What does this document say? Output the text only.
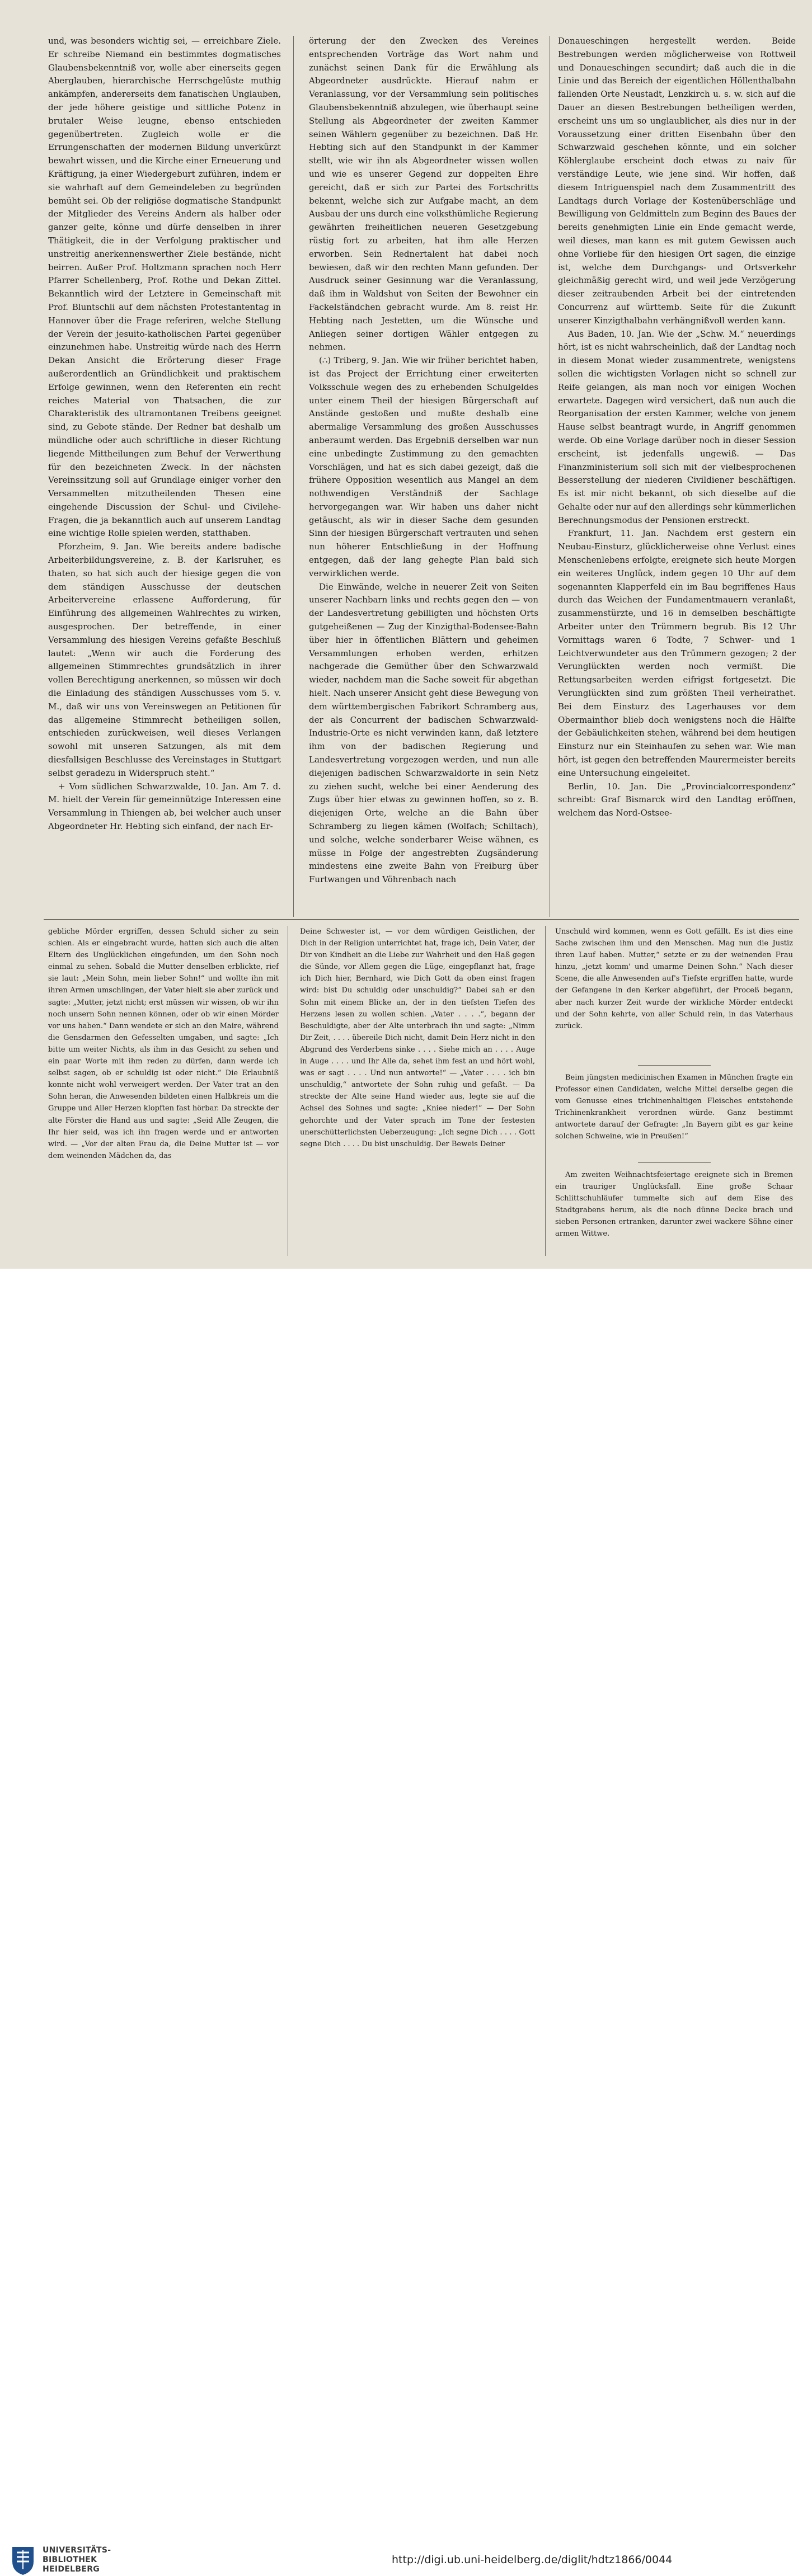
und, was besonders wichtig sei, — erreichbare Ziele. Er schreibe Niemand ein bestimmtes dogmatisches Glaubensbekenntniß vor, wolle aber einerseits gegen Aberglauben, hierarchische Herrschgelüste muthig ankämpfen, andererseits dem fanatischen Unglauben, der jede höhere geistige und sittliche Potenz in brutaler Weise leugne, ebenso entschieden gegenübertreten. Zugleich wolle er die Errungenschaften der modernen Bildung unverkürzt bewahrt wissen, und die Kirche einer Erneuerung und Kräftigung, ja einer Wiedergeburt zuführen, indem er sie wahrhaft auf dem Gemeindeleben zu begründen bemüht sei. Ob der religiöse dogmatische Standpunkt der Mitglieder des Vereins Andern als halber oder ganzer gelte, könne und dürfe denselben in ihrer Thätigkeit, die in der Verfolgung praktischer und unstreitig anerkennenswerther Ziele bestände, nicht beirren. Außer Prof. Holtzmann sprachen noch Herr Pfarrer Schellenberg, Prof. Rothe und Dekan Zittel. Bekanntlich wird der Letztere in Gemeinschaft mit Prof. Bluntschli auf dem nächsten Protestantentag in Hannover über die Frage referiren, welche Stellung der Verein der jesuito-katholischen Partei gegenüber einzunehmen habe. Unstreitig würde nach des Herrn Dekan Ansicht die Erörterung dieser Frage außerordentlich an Gründlichkeit und praktischem Erfolge gewinnen, wenn den Referenten ein recht reiches Material von Thatsachen, die zur Charakteristik des ultramontanen Treibens geeignet sind, zu Gebote stände. Der Redner bat deshalb um mündliche oder auch schriftliche in dieser Richtung liegende Mittheilungen zum Behuf der Verwerthung für den bezeichneten Zweck. In der nächsten Vereinssitzung soll auf Grundlage einiger vorher den Versammelten mitzutheilenden Thesen eine eingehende Discussion der Schul- und Civilehe-Fragen, die ja bekanntlich auch auf unserem Landtag eine wichtige Rolle spielen werden, statthaben.

Pforzheim, 9. Jan. Wie bereits andere badische Arbeiterbildungsvereine, z. B. der Karlsruher, es thaten, so hat sich auch der hiesige gegen die von dem ständigen Ausschusse der deutschen Arbeitervereine erlassene Aufforderung, für Einführung des allgemeinen Wahlrechtes zu wirken, ausgesprochen. Der betreffende, in einer Versammlung des hiesigen Vereins gefaßte Beschluß lautet: „Wenn wir auch die Forderung des allgemeinen Stimmrechtes grundsätzlich in ihrer vollen Berechtigung anerkennen, so müssen wir doch die Einladung des ständigen Ausschusses vom 5. v. M., daß wir uns von Vereinswegen an Petitionen für das allgemeine Stimmrecht betheiligen sollen, entschieden zurückweisen, weil dieses Verlangen sowohl mit unseren Satzungen, als mit dem diesfallsigen Beschlusse des Vereinstages in Stuttgart selbst geradezu in Widerspruch steht.“

+ Vom südlichen Schwarzwalde, 10. Jan. Am 7. d. M. hielt der Verein für gemeinnützige Interessen eine Versammlung in Thiengen ab, bei welcher auch unser Abgeordneter Hr. Hebting sich einfand, der nach Er-

örterung der den Zwecken des Vereines entsprechenden Vorträge das Wort nahm und zunächst seinen Dank für die Erwählung als Abgeordneter ausdrückte. Hierauf nahm er Veranlassung, vor der Versammlung sein politisches Glaubensbekenntniß abzulegen, wie überhaupt seine Stellung als Abgeordneter der zweiten Kammer seinen Wählern gegenüber zu bezeichnen. Daß Hr. Hebting sich auf den Standpunkt in der Kammer stellt, wie wir ihn als Abgeordneter wissen wollen und wie es unserer Gegend zur doppelten Ehre gereicht, daß er sich zur Partei des Fortschritts bekennt, welche sich zur Aufgabe macht, an dem Ausbau der uns durch eine volksthümliche Regierung gewährten freiheitlichen neueren Gesetzgebung rüstig fort zu arbeiten, hat ihm alle Herzen erworben. Sein Rednertalent hat dabei noch bewiesen, daß wir den rechten Mann gefunden. Der Ausdruck seiner Gesinnung war die Veranlassung, daß ihm in Waldshut von Seiten der Bewohner ein Fackelständchen gebracht wurde. Am 8. reist Hr. Hebting nach Jestetten, um die Wünsche und Anliegen seiner dortigen Wähler entgegen zu nehmen.

(∴) Triberg, 9. Jan. Wie wir früher berichtet haben, ist das Project der Errichtung einer erweiterten Volksschule wegen des zu erhebenden Schulgeldes unter einem Theil der hiesigen Bürgerschaft auf Anstände gestoßen und mußte deshalb eine abermalige Versammlung des großen Ausschusses anberaumt werden. Das Ergebniß derselben war nun eine unbedingte Zustimmung zu den gemachten Vorschlägen, und hat es sich dabei gezeigt, daß die frühere Opposition wesentlich aus Mangel an dem nothwendigen Verständniß der Sachlage hervorgegangen war. Wir haben uns daher nicht getäuscht, als wir in dieser Sache dem gesunden Sinn der hiesigen Bürgerschaft vertrauten und sehen nun höherer Entschließung in der Hoffnung entgegen, daß der lang gehegte Plan bald sich verwirklichen werde.

Die Einwände, welche in neuerer Zeit von Seiten unserer Nachbarn links und rechts gegen den — von der Landesvertretung gebilligten und höchsten Orts gutgeheißenen — Zug der Kinzigthal-Bodensee-Bahn über hier in öffentlichen Blättern und geheimen Versammlungen erhoben werden, erhitzen nachgerade die Gemüther über den Schwarzwald wieder, nachdem man die Sache soweit für abgethan hielt. Nach unserer Ansicht geht diese Bewegung von dem württembergischen Fabrikort Schramberg aus, der als Concurrent der badischen Schwarzwald-Industrie-Orte es nicht verwinden kann, daß letztere ihm von der badischen Regierung und Landesvertretung vorgezogen werden, und nun alle diejenigen badischen Schwarzwaldorte in sein Netz zu ziehen sucht, welche bei einer Aenderung des Zugs über hier etwas zu gewinnen hoffen, so z. B. diejenigen Orte, welche an die Bahn über Schramberg zu liegen kämen (Wolfach; Schiltach), und solche, welche sonderbarer Weise wähnen, es müsse in Folge der angestrebten Zugsänderung mindestens eine zweite Bahn von Freiburg über Furtwangen und Vöhrenbach nach

Donaueschingen hergestellt werden. Beide Bestrebungen werden möglicherweise von Rottweil und Donaueschingen secundirt; daß auch die in die Linie und das Bereich der eigentlichen Höllenthalbahn fallenden Orte Neustadt, Lenzkirch u. s. w. sich auf die Dauer an diesen Bestrebungen betheiligen werden, erscheint uns um so unglaublicher, als dies nur in der Voraussetzung einer dritten Eisenbahn über den Schwarzwald geschehen könnte, und ein solcher Köhlerglaube erscheint doch etwas zu naiv für verständige Leute, wie jene sind. Wir hoffen, daß diesem Intriguenspiel nach dem Zusammentritt des Landtags durch Vorlage der Kostenüberschläge und Bewilligung von Geldmitteln zum Beginn des Baues der bereits genehmigten Linie ein Ende gemacht werde, weil dieses, man kann es mit gutem Gewissen auch ohne Vorliebe für den hiesigen Ort sagen, die einzige ist, welche dem Durchgangs- und Ortsverkehr gleichmäßig gerecht wird, und weil jede Verzögerung dieser zeitraubenden Arbeit bei der eintretenden Concurrenz auf württemb. Seite für die Zukunft unserer Kinzigthalbahn verhängnißvoll werden kann.

Aus Baden, 10. Jan. Wie der „Schw. M.“ neuerdings hört, ist es nicht wahrscheinlich, daß der Landtag noch in diesem Monat wieder zusammentrete, wenigstens sollen die wichtigsten Vorlagen nicht so schnell zur Reife gelangen, als man noch vor einigen Wochen erwartete. Dagegen wird versichert, daß nun auch die Reorganisation der ersten Kammer, welche von jenem Hause selbst beantragt wurde, in Angriff genommen werde. Ob eine Vorlage darüber noch in dieser Session erscheint, ist jedenfalls ungewiß. — Das Finanzministerium soll sich mit der vielbesprochenen Besserstellung der niederen Civildiener beschäftigen. Es ist mir nicht bekannt, ob sich dieselbe auf die Gehalte oder nur auf den allerdings sehr kümmerlichen Berechnungsmodus der Pensionen erstreckt.

Frankfurt, 11. Jan. Nachdem erst gestern ein Neubau-Einsturz, glücklicherweise ohne Verlust eines Menschenlebens erfolgte, ereignete sich heute Morgen ein weiteres Unglück, indem gegen 10 Uhr auf dem sogenannten Klapperfeld ein im Bau begriffenes Haus durch das Weichen der Fundamentmauern veranlaßt, zusammenstürzte, und 16 in demselben beschäftigte Arbeiter unter den Trümmern begrub. Bis 12 Uhr Vormittags waren 6 Todte, 7 Schwer- und 1 Leichtverwundeter aus den Trümmern gezogen; 2 der Verunglückten werden noch vermißt. Die Rettungsarbeiten werden eifrigst fortgesetzt. Die Verunglückten sind zum größten Theil verheirathet. Bei dem Einsturz des Lagerhauses vor dem Obermainthor blieb doch wenigstens noch die Hälfte der Gebäulichkeiten stehen, während bei dem heutigen Einsturz nur ein Steinhaufen zu sehen war. Wie man hört, ist gegen den betreffenden Maurermeister bereits eine Untersuchung eingeleitet.

Berlin, 10. Jan. Die „Provincialcorrespondenz“ schreibt: Graf Bismarck wird den Landtag eröffnen, welchem das Nord-Ostsee-

gebliche Mörder ergriffen, dessen Schuld sicher zu sein schien. Als er eingebracht wurde, hatten sich auch die alten Eltern des Unglücklichen eingefunden, um den Sohn noch einmal zu sehen. Sobald die Mutter denselben erblickte, rief sie laut: „Mein Sohn, mein lieber Sohn!“ und wollte ihn mit ihren Armen umschlingen, der Vater hielt sie aber zurück und sagte: „Mutter, jetzt nicht; erst müssen wir wissen, ob wir ihn noch unsern Sohn nennen können, oder ob wir einen Mörder vor uns haben.“ Dann wendete er sich an den Maire, während die Gensdarmen den Gefesselten umgaben, und sagte: „Ich bitte um weiter Nichts, als ihm in das Gesicht zu sehen und ein paar Worte mit ihm reden zu dürfen, dann werde ich selbst sagen, ob er schuldig ist oder nicht.“ Die Erlaubniß konnte nicht wohl verweigert werden. Der Vater trat an den Sohn heran, die Anwesenden bildeten einen Halbkreis um die Gruppe und Aller Herzen klopften fast hörbar. Da streckte der alte Förster die Hand aus und sagte: „Seid Alle Zeugen, die Ihr hier seid, was ich ihn fragen werde und er antworten wird. — „Vor der alten Frau da, die Deine Mutter ist — vor dem weinenden Mädchen da, das

Deine Schwester ist, — vor dem würdigen Geistlichen, der Dich in der Religion unterrichtet hat, frage ich, Dein Vater, der Dir von Kindheit an die Liebe zur Wahrheit und den Haß gegen die Sünde, vor Allem gegen die Lüge, eingepflanzt hat, frage ich Dich hier, Bernhard, wie Dich Gott da oben einst fragen wird: bist Du schuldig oder unschuldig?“ Dabei sah er den Sohn mit einem Blicke an, der in den tiefsten Tiefen des Herzens lesen zu wollen schien. „Vater . . . .“, begann der Beschuldigte, aber der Alte unterbrach ihn und sagte: „Nimm Dir Zeit, . . . . übereile Dich nicht, damit Dein Herz nicht in den Abgrund des Verderbens sinke . . . . Siehe mich an . . . . Auge in Auge . . . . und Ihr Alle da, sehet ihm fest an und hört wohl, was er sagt . . . . Und nun antworte!“ — „Vater . . . . ich bin unschuldig,“ antwortete der Sohn ruhig und gefaßt. — Da streckte der Alte seine Hand wieder aus, legte sie auf die Achsel des Sohnes und sagte: „Kniee nieder!“ — Der Sohn gehorchte und der Vater sprach im Tone der festesten unerschütterlichsten Ueberzeugung: „Ich segne Dich . . . . Gott segne Dich . . . . Du bist unschuldig. Der Beweis Deiner

Unschuld wird kommen, wenn es Gott gefällt. Es ist dies eine Sache zwischen ihm und den Menschen. Mag nun die Justiz ihren Lauf haben. Mutter,“ setzte er zu der weinenden Frau hinzu, „jetzt komm' und umarme Deinen Sohn.“ Nach dieser Scene, die alle Anwesenden auf's Tiefste ergriffen hatte, wurde der Gefangene in den Kerker abgeführt, der Proceß begann, aber nach kurzer Zeit wurde der wirkliche Mörder entdeckt und der Sohn kehrte, von aller Schuld rein, in das Vaterhaus zurück.

Beim jüngsten medicinischen Examen in München fragte ein Professor einen Candidaten, welche Mittel derselbe gegen die vom Genusse eines trichinenhaltigen Fleisches entstehende Trichinenkrankheit verordnen würde. Ganz bestimmt antwortete darauf der Gefragte: „In Bayern gibt es gar keine solchen Schweine, wie in Preußen!“

Am zweiten Weihnachtsfeiertage ereignete sich in Bremen ein trauriger Unglücksfall. Eine große Schaar Schlittschuhläufer tummelte sich auf dem Eise des Stadtgrabens herum, als die noch dünne Decke brach und sieben Personen ertranken, darunter zwei wackere Söhne einer armen Wittwe.

UNIVERSITÄTS-
BIBLIOTHEK
HEIDELBERG
http://digi.ub.uni-heidelberg.de/diglit/hdtz1866/0044
